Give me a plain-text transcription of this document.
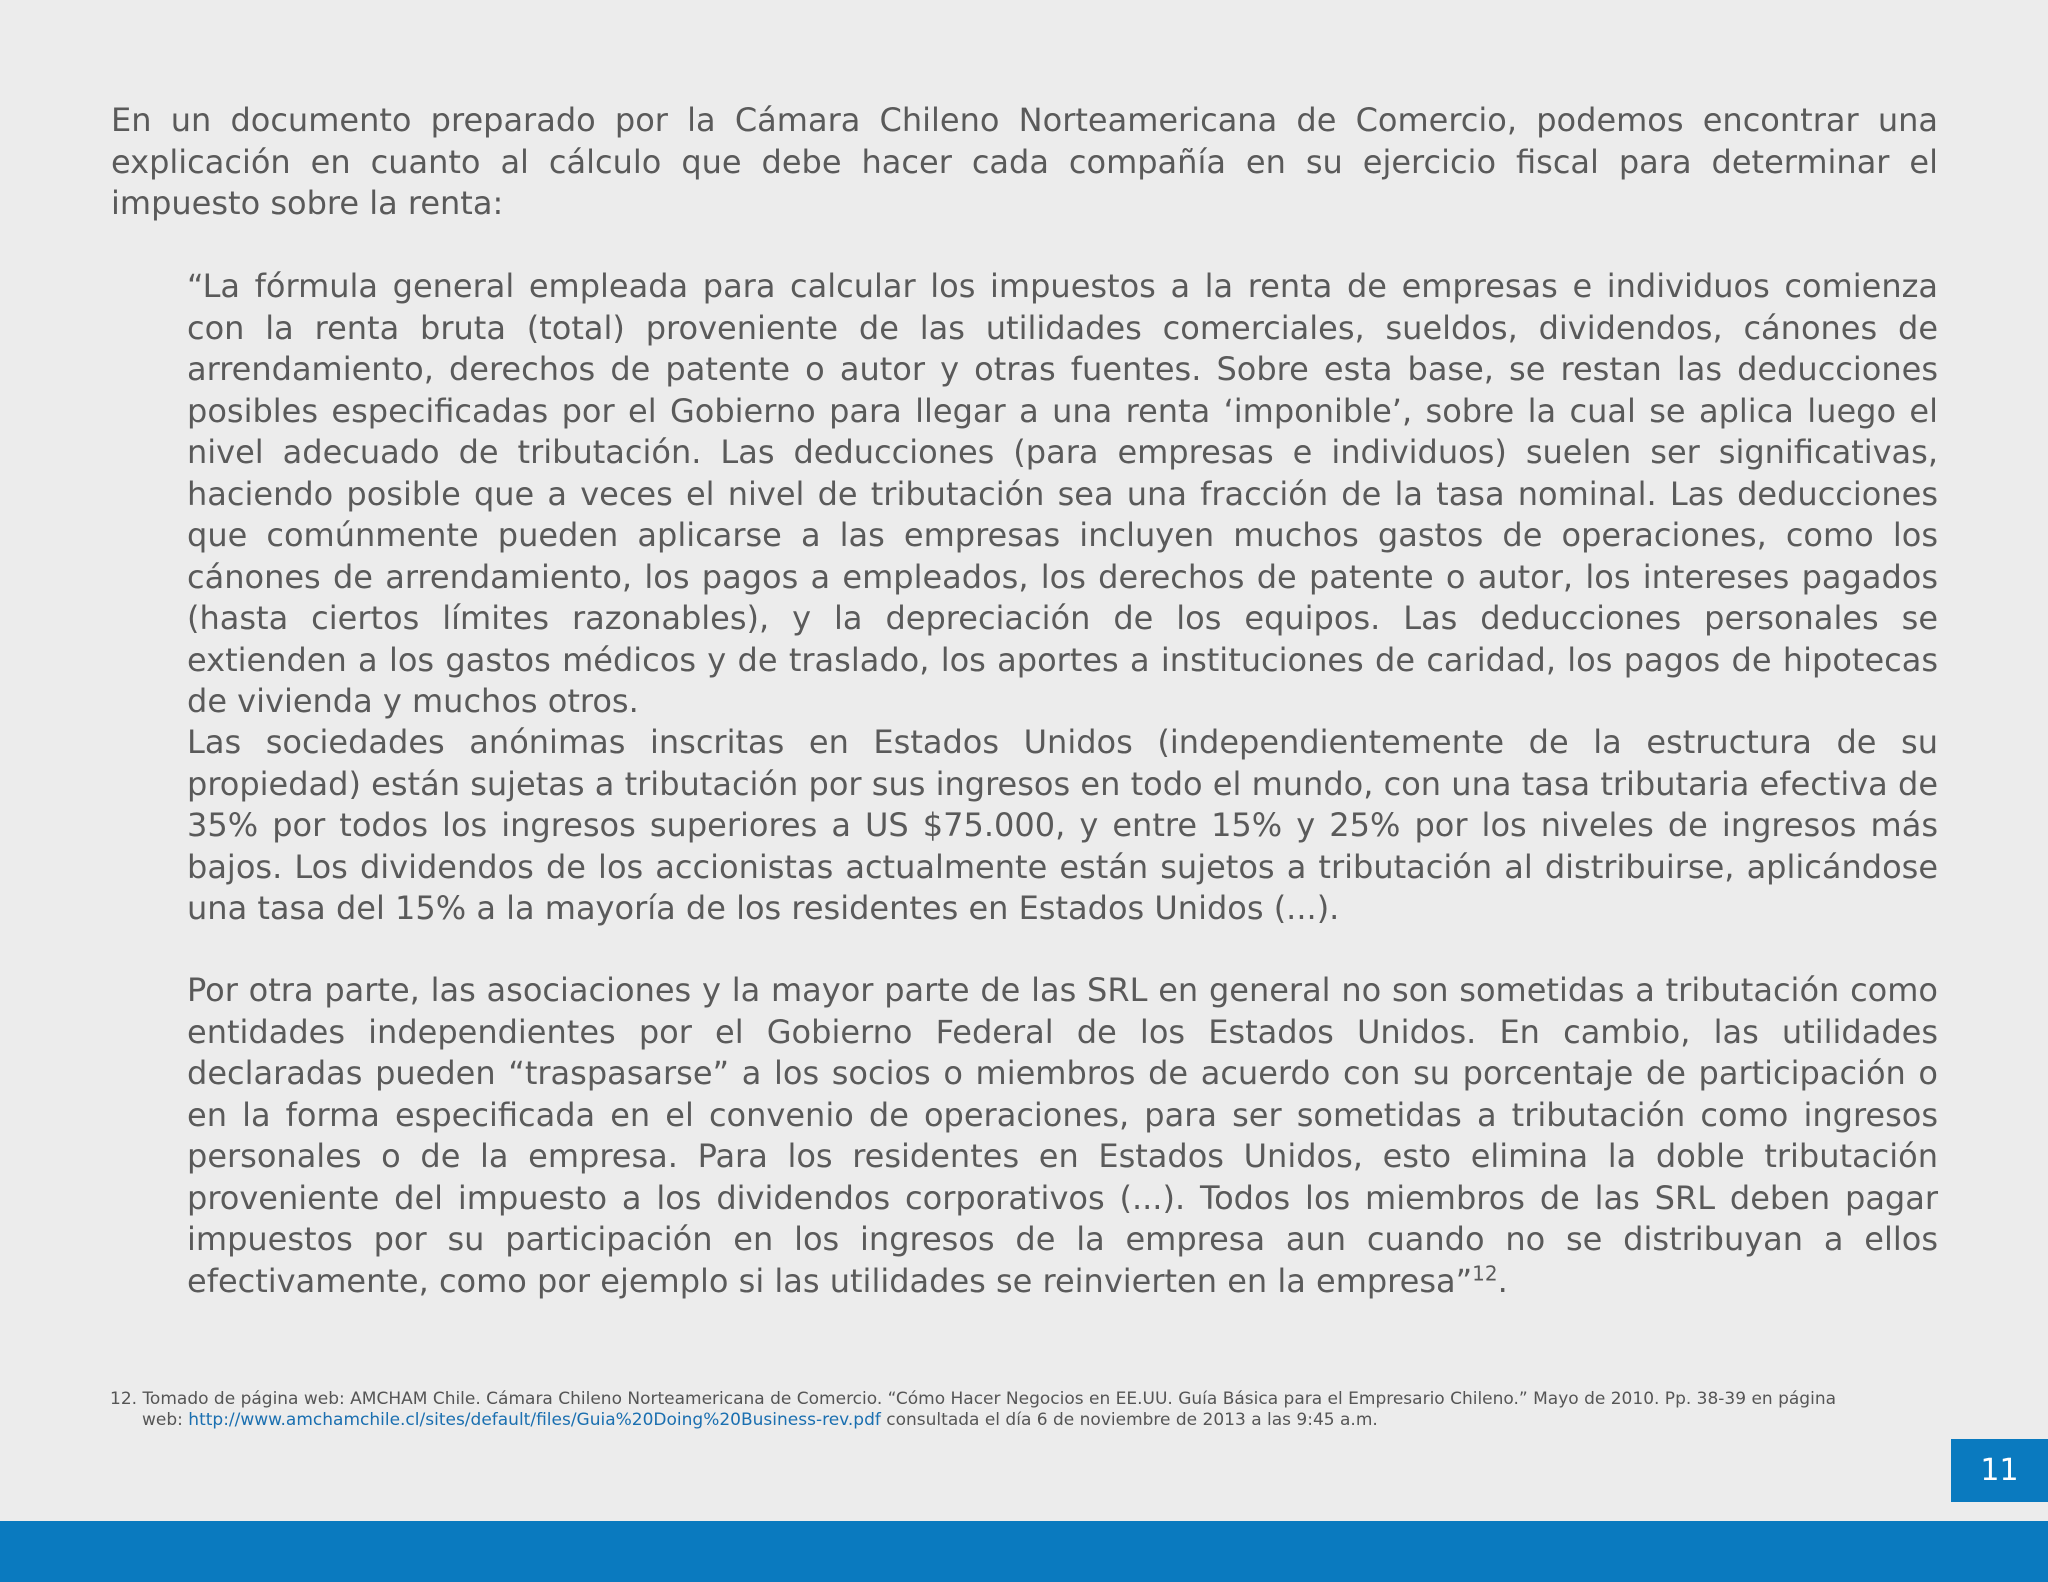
En un documento preparado por la Cámara Chileno Norteamericana de Comercio, podemos encontrar una explicación en cuanto al cálculo que debe hacer cada compañía en su ejercicio fiscal para determinar el impuesto sobre la renta:

“La fórmula general empleada para calcular los impuestos a la renta de empresas e individuos comienza con la renta bruta (total) proveniente de las utilidades comerciales, sueldos, dividendos, cánones de arrendamiento, derechos de patente o autor y otras fuentes. Sobre esta base, se restan las deducciones posibles especificadas por el Gobierno para llegar a una renta ‘imponible’, sobre la cual se aplica luego el nivel adecuado de tributación. Las deducciones (para empresas e individuos) suelen ser significativas, haciendo posible que a veces el nivel de tributación sea una fracción de la tasa nominal. Las deducciones que comúnmente pueden aplicarse a las empresas incluyen muchos gastos de operaciones, como los cánones de arrendamiento, los pagos a empleados, los derechos de patente o autor, los intereses pagados (hasta ciertos límites razonables), y la depreciación de los equipos. Las deducciones personales se extienden a los gastos médicos y de traslado, los aportes a instituciones de caridad, los pagos de hipotecas de vivienda y muchos otros.

Las sociedades anónimas inscritas en Estados Unidos (independientemente de la estructura de su propiedad) están sujetas a tributación por sus ingresos en todo el mundo, con una tasa tributaria efectiva de 35% por todos los ingresos superiores a US $75.000, y entre 15% y 25% por los niveles de ingresos más bajos. Los dividendos de los accionistas actualmente están sujetos a tributación al distribuirse, aplicándose una tasa del 15% a la mayoría de los residentes en Estados Unidos (...).

Por otra parte, las asociaciones y la mayor parte de las SRL en general no son sometidas a tributación como entidades independientes por el Gobierno Federal de los Estados Unidos. En cambio, las utilidades declaradas pueden “traspasarse” a los socios o miembros de acuerdo con su porcentaje de participación o en la forma especificada en el convenio de operaciones, para ser sometidas a tributación como ingresos personales o de la empresa. Para los residentes en Estados Unidos, esto elimina la doble tributación proveniente del impuesto a los dividendos corporativos (...). Todos los miembros de las SRL deben pagar impuestos por su participación en los ingresos de la empresa aun cuando no se distribuyan a ellos efectivamente, como por ejemplo si las utilidades se reinvierten en la empresa”$^{12}$.

12. Tomado de página web: AMCHAM Chile. Cámara Chileno Norteamericana de Comercio. “Cómo Hacer Negocios en EE.UU. Guía Básica para el Empresario Chileno.” Mayo de 2010. Pp. 38-39 en página
web: http://www.amchamchile.cl/sites/default/files/Guia%20Doing%20Business-rev.pdf consultada el día 6 de noviembre de 2013 a las 9:45 a.m.
11
